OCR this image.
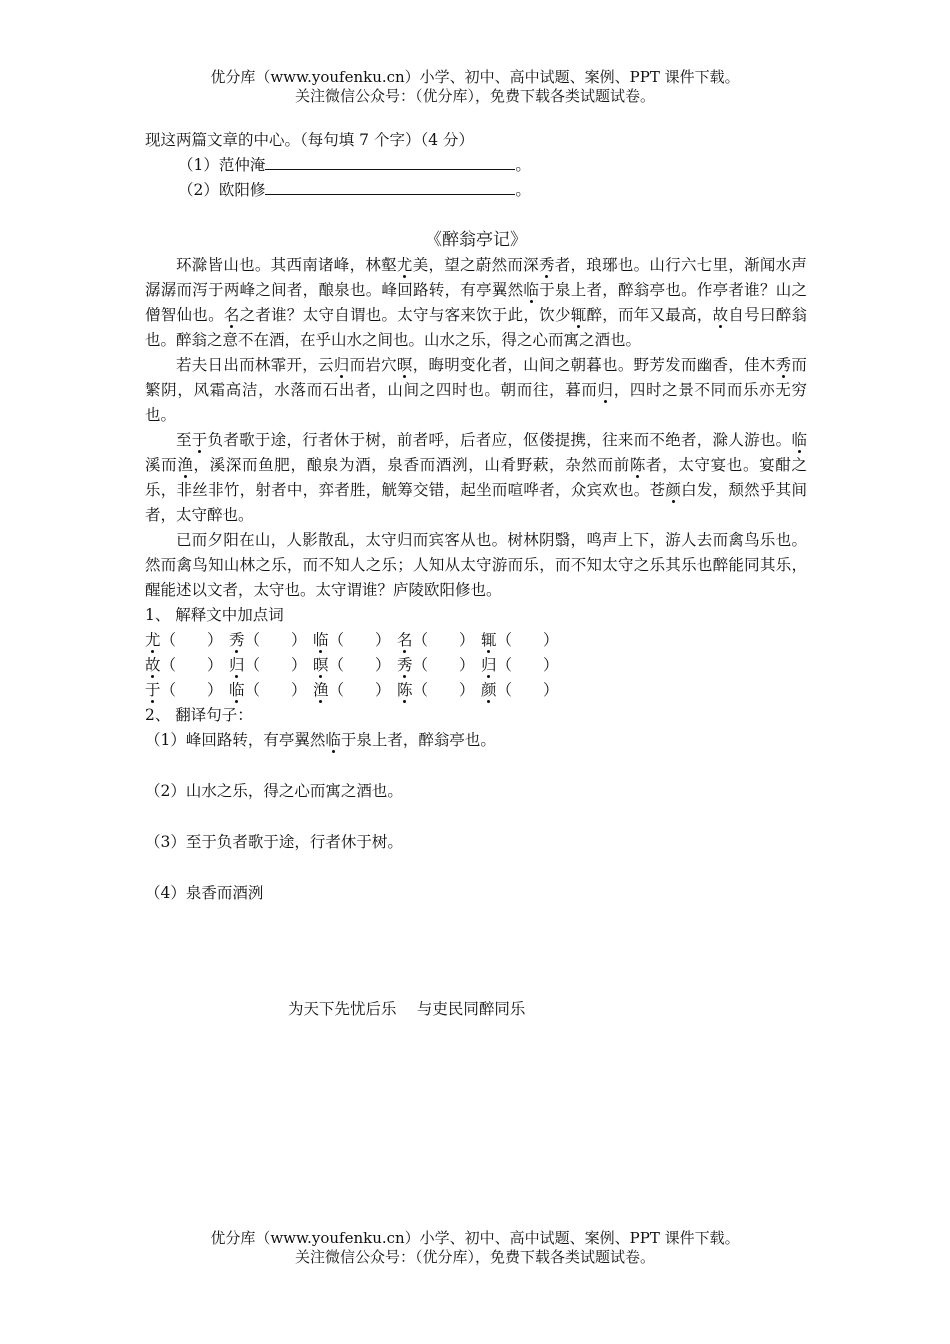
优分库（www.youfenku.cn）小学、初中、高中试题、案例、PPT 课件下载。
关注微信公众号：（优分库），免费下载各类试题试卷。
现这两篇文章的中心。（每句填 7 个字）（4 分）
（1）范仲淹	。
（2）欧阳修	。
《醉翁亭记》

环滁皆山也。其西南诸峰，林壑尤美，望之蔚然而深秀者，琅琊也。山行六七里，渐闻水声潺潺而泻于两峰之间者，酿泉也。峰回路转，有亭翼然临于泉上者，醉翁亭也。作亭者谁？山之僧智仙也。名之者谁？太守自谓也。太守与客来饮于此，饮少辄醉，而年又最高，故自号曰醉翁也。醉翁之意不在酒，在乎山水之间也。山水之乐，得之心而寓之酒也。

若夫日出而林霏开，云归而岩穴暝，晦明变化者，山间之朝暮也。野芳发而幽香，佳木秀而繁阴，风霜高洁，水落而石出者，山间之四时也。朝而往，暮而归，四时之景不同而乐亦无穷也。

至于负者歌于途，行者休于树，前者呼，后者应，伛偻提携，往来而不绝者，滁人游也。临溪而渔，溪深而鱼肥，酿泉为酒，泉香而酒洌，山肴野蔌，杂然而前陈者，太守宴也。宴酣之乐，非丝非竹，射者中，弈者胜，觥筹交错，起坐而喧哗者，众宾欢也。苍颜白发，颓然乎其间者，太守醉也。

已而夕阳在山，人影散乱，太守归而宾客从也。树林阴翳，鸣声上下，游人去而禽鸟乐也。然而禽鸟知山林之乐，而不知人之乐；人知从太守游而乐，而不知太守之乐其乐也醉能同其乐，醒能述以文者，太守也。太守谓谁？庐陵欧阳修也。

1、 解释文中加点词
尤（　　） 秀（　　） 临（　　） 名（　　） 辄（　　）
故（　　） 归（　　） 暝（　　） 秀（　　） 归（　　）
于（　　） 临（　　） 渔（　　） 陈（　　） 颜（　　）
2、 翻译句子：
（1）峰回路转，有亭翼然临于泉上者，醉翁亭也。
（2）山水之乐，得之心而寓之酒也。
（3）至于负者歌于途，行者休于树。
（4）泉香而酒洌
为天下先忧后乐　 与吏民同醉同乐
优分库（www.youfenku.cn）小学、初中、高中试题、案例、PPT 课件下载。
关注微信公众号：（优分库），免费下载各类试题试卷。
